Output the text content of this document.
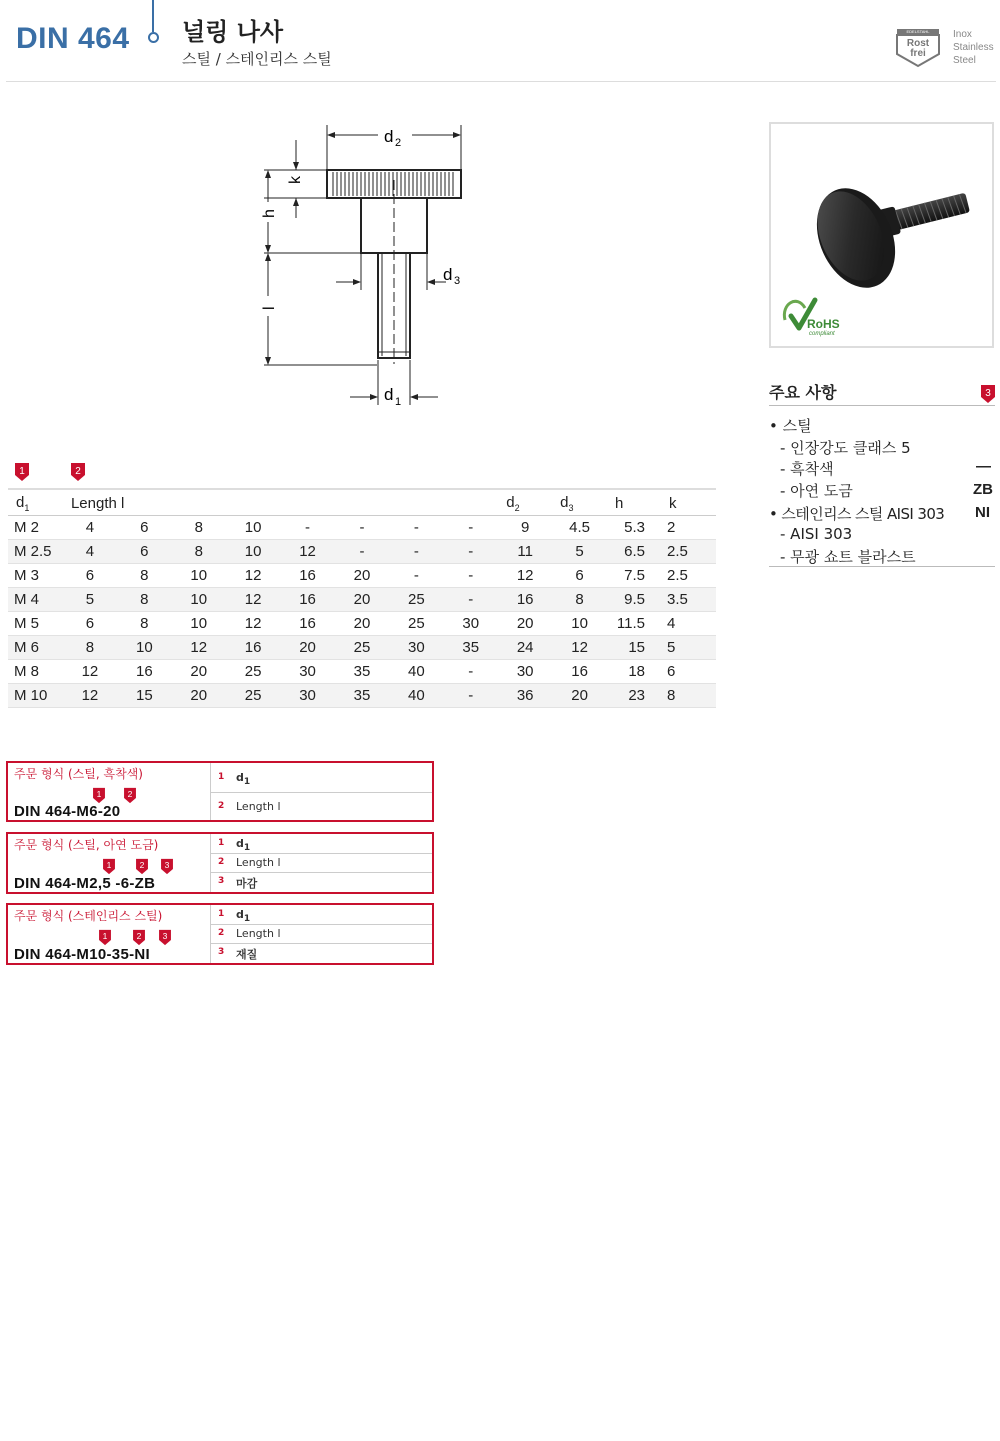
DIN 464 널링 나사
스틸 / 스테인리스 스틸
EDELSTAHL
Rost
frei
Inox
Stainless
Steel
d 2
k
h
l
d 3
d 1
RoHS
compliant
주요 사항	3
• 스틸
- 인장강도 클래스 5
- 흑착색	—
- 아연 도금	ZB
• 스테인리스 스틸 AISI 303 NI
- AISI 303
- 무광 쇼트 블라스트
1	2
$d_1$	Length l								$d_2$	$d_3$	h	k
M 2	4	6	8	10	-	-	-	-	9	4.5	5.3	2
M 2.5	4	6	8	10	12	-	-	-	11	5	6.5	2.5
M 3	6	8	10	12	16	20	-	-	12	6	7.5	2.5
M 4	5	8	10	12	16	20	25	-	16	8	9.5	3.5
M 5	6	8	10	12	16	20	25	30	20	10	11.5	4
M 6	8	10	12	16	20	25	30	35	24	12	15	5
M 8	12	16	20	25	30	35	40	-	30	16	18	6
M 10	12	15	20	25	30	35	40	-	36	20	23	8
주문 형식 (스틸, 흑착색)
1	2
DIN 464-M6-20
1 $d_1$
2 Length l
주문 형식 (스틸, 아연 도금)
1	2 3
DIN 464-M2,5 -6-ZB
1 $d_1$
2 Length l
3 마감
주문 형식 (스테인리스 스틸)
1	2 3
DIN 464-M10-35-NI
1 $d_1$
2 Length l
3 재질
